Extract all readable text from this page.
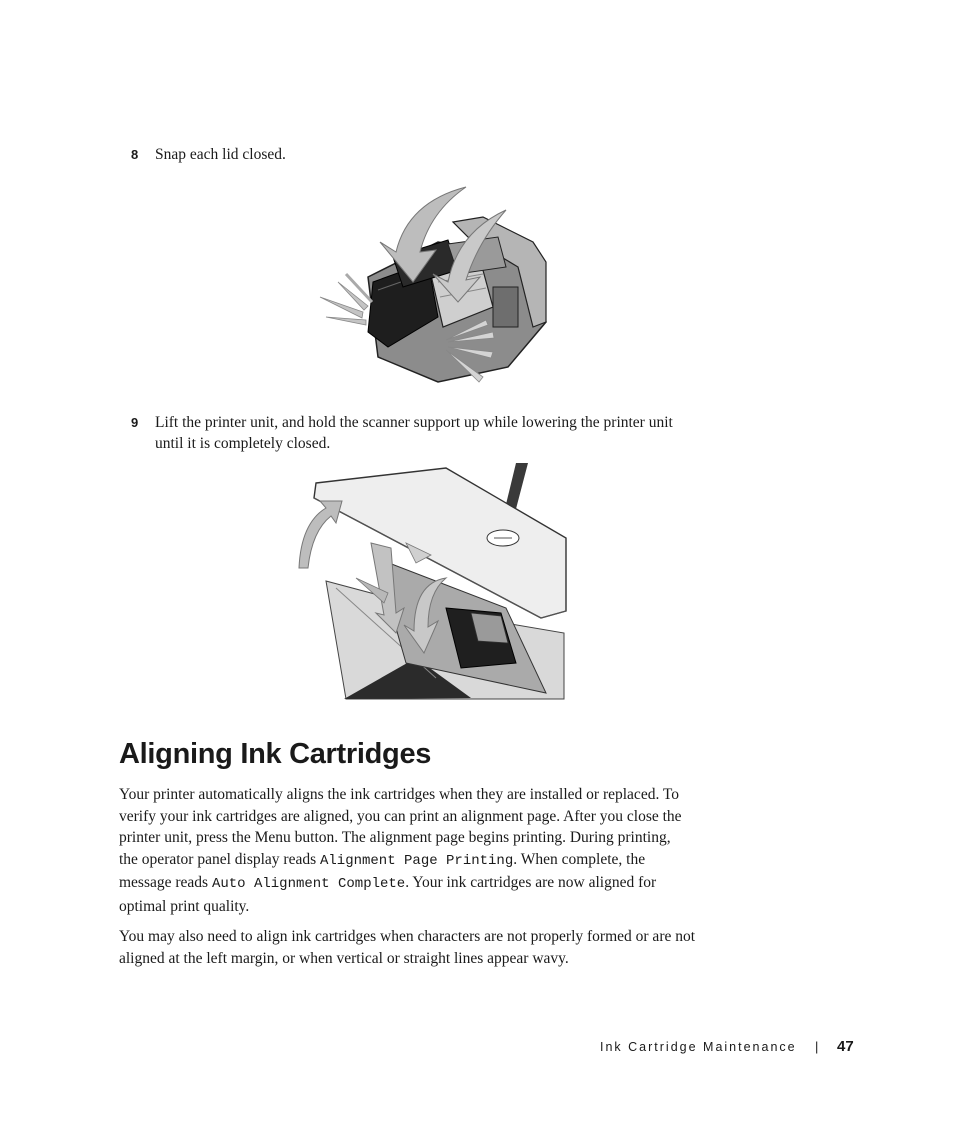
8 Snap each lid closed.
9 Lift the printer unit, and hold the scanner support up while lowering the printer unit
until it is completely closed.
Aligning Ink Cartridges

Your printer automatically aligns the ink cartridges when they are installed or replaced. To
verify your ink cartridges are aligned, you can print an alignment page. After you close the
printer unit, press the Menu button. The alignment page begins printing. During printing,
the operator panel display reads Alignment Page Printing. When complete, the
message reads Auto Alignment Complete. Your ink cartridges are now aligned for
optimal print quality.

You may also need to align ink cartridges when characters are not properly formed or are not
aligned at the left margin, or when vertical or straight lines appear wavy.

Ink Cartridge Maintenance | 47
